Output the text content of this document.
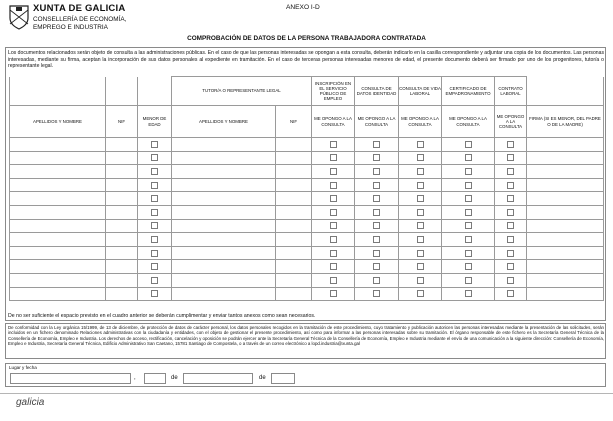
XUNTA DE GALICIA
CONSELLERÍA DE ECONOMÍA,
EMPREGO E INDUSTRIA
ANEXO I-D
COMPROBACIÓN DE DATOS DE LA PERSONA TRABAJADORA CONTRATADA
Los documentos relacionados serán objeto de consulta a las administraciones públicas. En el caso de que las personas interesadas se opongan a esta consulta, deberán indicarlo en la casilla correspondiente y adjuntar una copia de los documentos. Las personas interesadas, mediante su firma, aceptan la incorporación de sus datos personales al expediente en tramitación. En el caso de terceras personas interesadas menores de edad, el presente documento deberá ser firmado por uno de los progenitores, tutor/a o representante legal.
			TUTOR/A O REPRESENTANTE LEGAL		INSCRIPCIÓN EN EL SERVICIO PÚBLICO DE EMPLEO	CONSULTA DE DATOS IDENTIDAD	CONSULTA DE VIDA LABORAL	CERTIFICADO DE EMPADRONAMIENTO	CONTRATO LABORAL	
APELLIDOS Y NOMBRE	NIF	MENOR DE EDAD	APELLIDOS Y NOMBRE	NIF	ME OPONGO A LA CONSULTA	ME OPONGO A LA CONSULTA	ME OPONGO A LA CONSULTA	ME OPONGO A LA CONSULTA	ME OPONGO A LA CONSULTA	FIRMA (SI ES MENOR, DEL PADRE O DE LA MADRE)

De no ser suficiente el espacio previsto en el cuadro anterior se deberán cumplimentar y enviar tantos anexos como sean necesarios.
De conformidad con la Ley orgánica 15/1999, de 13 de diciembre, de protección de datos de carácter personal, los datos personales recogidos en la tramitación de este procedimiento, cuyo tratamiento y publicación autoricen las personas interesadas mediante la presentación de las solicitudes, serán incluidos en un fichero denominado Relaciones administrativas con la ciudadanía y entidades, con el objeto de gestionar el presente procedimiento, así como para informar a las personas interesadas sobre su tramitación. El órgano responsable de este fichero es la Secretaría General Técnica de la Consellería de Economía, Empleo e Industria. Los derechos de acceso, rectificación, cancelación y oposición se podrán ejercer ante la Secretaría General Técnica de la Consellería de Economía, Empleo e Industria mediante el envío de una comunicación a la siguiente dirección: Consellería de Economía, Empleo e Industria, Secretaría General Técnica, Edificio Administrativo San Caetano, 15781 Santiago de Compostela, o a través de un correo electrónico a lopd.industria@xunta.gal
Lugar y fecha
,	de	de
galicia
